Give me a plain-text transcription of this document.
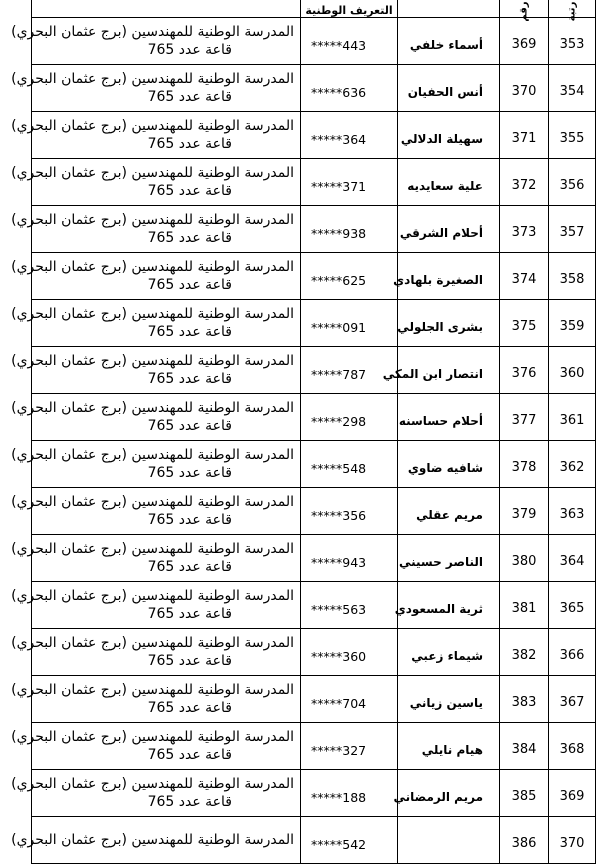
	التعريف الوطنية		رقم	رتبة

المدرسة الوطنية للمهندسين (برج عثمان البحري)
قاعة عدد 765	*****443	أسماء خلفي	369	353

المدرسة الوطنية للمهندسين (برج عثمان البحري)
قاعة عدد 765	*****636	أنس الحفيان	370	354

المدرسة الوطنية للمهندسين (برج عثمان البحري)
قاعة عدد 765	*****364	سهيلة الدلالي	371	355

المدرسة الوطنية للمهندسين (برج عثمان البحري)
قاعة عدد 765	*****371	علية سعايديه	372	356

المدرسة الوطنية للمهندسين (برج عثمان البحري)
قاعة عدد 765	*****938	أحلام الشرقي	373	357

المدرسة الوطنية للمهندسين (برج عثمان البحري)
قاعة عدد 765	*****625	الصغيرة بلهادي	374	358

المدرسة الوطنية للمهندسين (برج عثمان البحري)
قاعة عدد 765	*****091	بشرى الجلولي	375	359

المدرسة الوطنية للمهندسين (برج عثمان البحري)
قاعة عدد 765	*****787	انتصار ابن المكي	376	360

المدرسة الوطنية للمهندسين (برج عثمان البحري)
قاعة عدد 765	*****298	أحلام حساسنه	377	361

المدرسة الوطنية للمهندسين (برج عثمان البحري)
قاعة عدد 765	*****548	شافيه ضاوي	378	362

المدرسة الوطنية للمهندسين (برج عثمان البحري)
قاعة عدد 765	*****356	مريم عقلي	379	363

المدرسة الوطنية للمهندسين (برج عثمان البحري)
قاعة عدد 765	*****943	الناصر حسيني	380	364

المدرسة الوطنية للمهندسين (برج عثمان البحري)
قاعة عدد 765	*****563	ثرية المسعودي	381	365

المدرسة الوطنية للمهندسين (برج عثمان البحري)
قاعة عدد 765	*****360	شيماء زعبي	382	366

المدرسة الوطنية للمهندسين (برج عثمان البحري)
قاعة عدد 765	*****704	ياسين زياني	383	367

المدرسة الوطنية للمهندسين (برج عثمان البحري)
قاعة عدد 765	*****327	هيام نايلي	384	368

المدرسة الوطنية للمهندسين (برج عثمان البحري)
قاعة عدد 765	*****188	مريم الرمضاني	385	369

المدرسة الوطنية للمهندسين (برج عثمان البحري)	*****542		386	370
